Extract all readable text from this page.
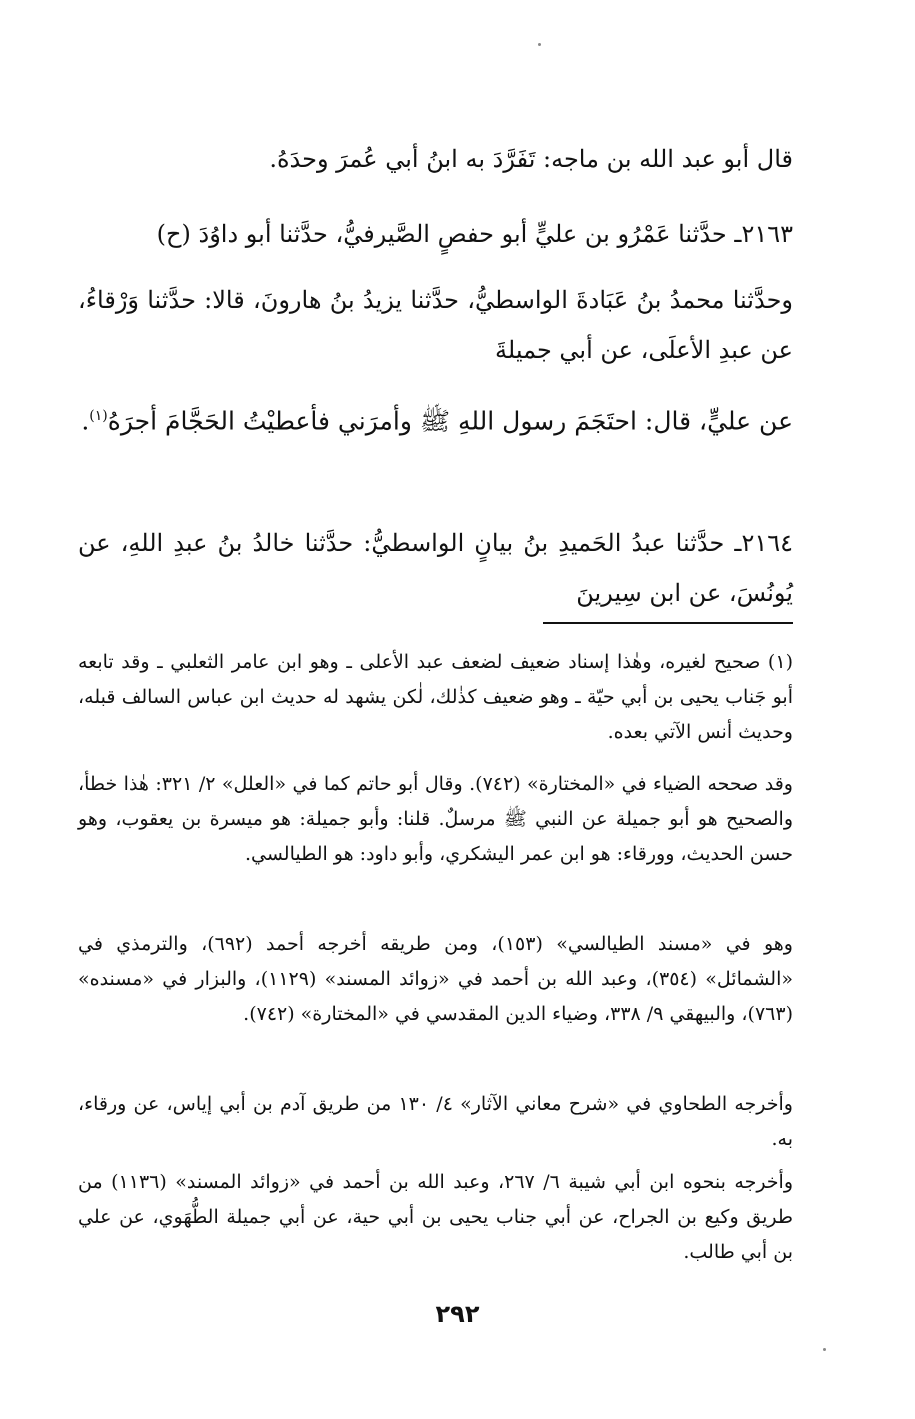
قال أبو عبد الله بن ماجه: تَفَرَّدَ به ابنُ أبي عُمرَ وحدَهُ.
٢١٦٣ـ حدَّثنا عَمْرُو بن عليٍّ أبو حفصٍ الصَّيرفيُّ، حدَّثنا أبو داوُدَ (ح)
وحدَّثنا محمدُ بنُ عَبَادةَ الواسطيُّ، حدَّثنا يزيدُ بنُ هارونَ، قالا: حدَّثنا وَرْقاءُ، عن عبدِ الأعلَى، عن أبي جميلةَ
عن عليٍّ، قال: احتَجَمَ رسول اللهِ ﷺ وأمرَني فأعطيْتُ الحَجَّامَ أجرَهُ$^{(١)}$.
٢١٦٤ـ حدَّثنا عبدُ الحَميدِ بنُ بيانٍ الواسطيُّ: حدَّثنا خالدُ بنُ عبدِ اللهِ، عن يُونُسَ، عن ابن سِيرينَ
(١) صحيح لغيره، وهٰذا إسناد ضعيف لضعف عبد الأعلى ـ وهو ابن عامر الثعلبي ـ وقد تابعه أبو جَناب يحيى بن أبي حيّة ـ وهو ضعيف كذٰلك، لٰكن يشهد له حديث ابن عباس السالف قبله، وحديث أنس الآتي بعده.
وقد صححه الضياء في «المختارة» (٧٤٢). وقال أبو حاتم كما في «العلل» ٢/ ٣٢١: هٰذا خطأ، والصحيح هو أبو جميلة عن النبي ﷺ مرسلٌ. قلنا: وأبو جميلة: هو ميسرة بن يعقوب، وهو حسن الحديث، وورقاء: هو ابن عمر اليشكري، وأبو داود: هو الطيالسي.
وهو في «مسند الطيالسي» (١٥٣)، ومن طريقه أخرجه أحمد (٦٩٢)، والترمذي في «الشمائل» (٣٥٤)، وعبد الله بن أحمد في «زوائد المسند» (١١٢٩)، والبزار في «مسنده» (٧٦٣)، والبيهقي ٩/ ٣٣٨، وضياء الدين المقدسي في «المختارة» (٧٤٢).
وأخرجه الطحاوي في «شرح معاني الآثار» ٤/ ١٣٠ من طريق آدم بن أبي إياس، عن ورقاء، به.
وأخرجه بنحوه ابن أبي شيبة ٦/ ٢٦٧، وعبد الله بن أحمد في «زوائد المسند» (١١٣٦) من طريق وكيع بن الجراح، عن أبي جناب يحيى بن أبي حية، عن أبي جميلة الطُّهَوي، عن علي بن أبي طالب.
٢٩٢
